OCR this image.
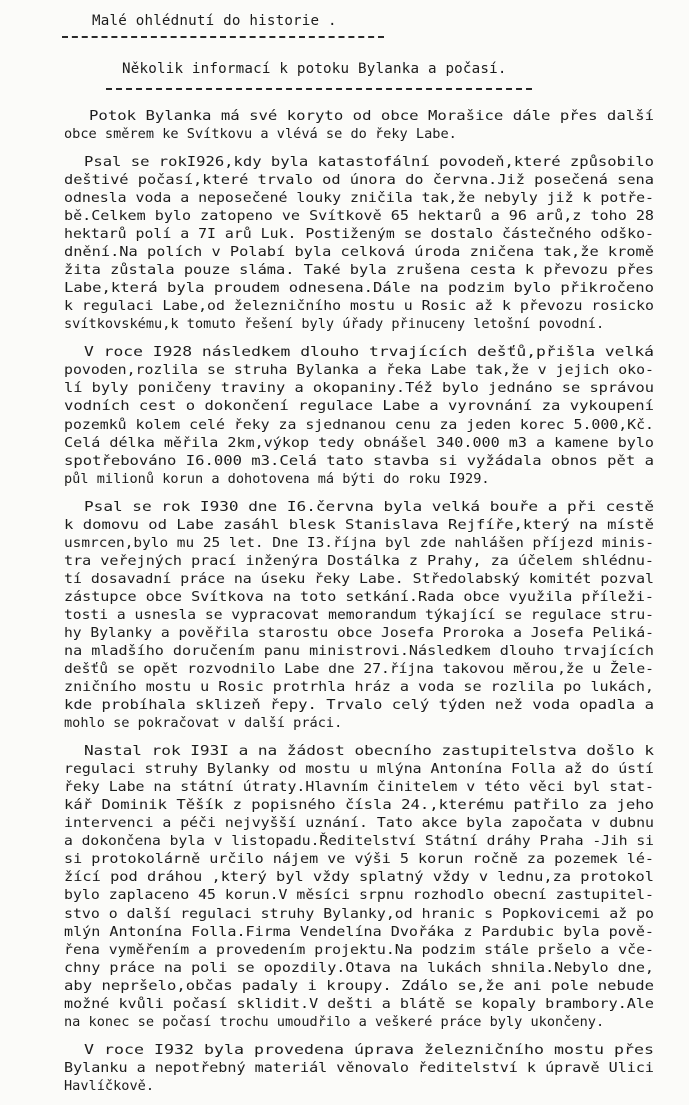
Malé ohlédnutí do historie .
Několik informací k potoku Bylanka a počasí.
Potok Bylanka má své koryto od obce Morašice dále přes další
obce směrem ke Svítkovu a vlévá se do řeky Labe.
Psal se rokI926,kdy byla katastofální povodeň,které způsobilo
deštivé počasí,které trvalo od února do června.Již posečená sena
odnesla voda a neposečené louky zničila tak,že nebyly již k potře-
bě.Celkem bylo zatopeno ve Svítkově 65 hektarů a 96 arů,z toho 28
hektarů polí a 7I arů Luk. Postiženým se dostalo částečného odško-
dnění.Na polích v Polabí byla celková úroda zničena tak,že kromě
žita zůstala pouze sláma. Také byla zrušena cesta k převozu přes
Labe,která byla proudem odnesena.Dále na podzim bylo přikročeno
k regulaci Labe,od železničního mostu u Rosic až k převozu rosicko
svítkovskému,k tomuto řešení byly úřady přinuceny letošní povodní.
V roce I928 následkem dlouho trvajících dešťů,přišla velká
povoden,rozlila se struha Bylanka a řeka Labe tak,že v jejich oko-
lí byly poničeny traviny a okopaniny.Též bylo jednáno se správou
vodních cest o dokončení regulace Labe a vyrovnání za vykoupení
pozemků kolem celé řeky za sjednanou cenu za jeden korec 5.000,Kč.
Celá délka měřila 2km,výkop tedy obnášel 340.000 m3 a kamene bylo
spotřebováno I6.000 m3.Celá tato stavba si vyžádala obnos pět a
půl milionů korun a dohotovena má býti do roku I929.
Psal se rok I930 dne I6.června byla velká bouře a při cestě
k domovu od Labe zasáhl blesk Stanislava Rejfíře,který na místě
usmrcen,bylo mu 25 let. Dne I3.října byl zde nahlášen příjezd minis-
tra veřejných prací inženýra Dostálka z Prahy, za účelem shlédnu-
tí dosavadní práce na úseku řeky Labe. Středolabský komitét pozval
zástupce obce Svítkova na toto setkání.Rada obce využila příleži-
tosti a usnesla se vypracovat memorandum týkající se regulace stru-
hy Bylanky a pověřila starostu obce Josefa Proroka a Josefa Peliká-
na mladšího doručením panu ministrovi.Následkem dlouho trvajících
dešťů se opět rozvodnilo Labe dne 27.října takovou měrou,že u Žele-
zničního mostu u Rosic protrhla hráz a voda se rozlila po lukách,
kde probíhala sklizeň řepy. Trvalo celý týden než voda opadla a
mohlo se pokračovat v další práci.
Nastal rok I93I a na žádost obecního zastupitelstva došlo k
regulaci struhy Bylanky od mostu u mlýna Antonína Folla až do ústí
řeky Labe na státní útraty.Hlavním činitelem v této věci byl stat-
kář Dominik Těšík z popisného čísla 24.,kterému patřilo za jeho
intervenci a péči nejvyšší uznání. Tato akce byla započata v dubnu
a dokončena byla v listopadu.Ředitelství Státní dráhy Praha -Jih si
si protokolárně určilo nájem ve výši 5 korun ročně za pozemek lé-
žící pod dráhou ,který byl vždy splatný vždy v lednu,za protokol
bylo zaplaceno 45 korun.V měsíci srpnu rozhodlo obecní zastupitel-
stvo o další regulaci struhy Bylanky,od hranic s Popkovicemi až po
mlýn Antonína Folla.Firma Vendelína Dvořáka z Pardubic byla pově-
řena vyměřením a provedením projektu.Na podzim stále pršelo a vče-
chny práce na poli se opozdily.Otava na lukách shnila.Nebylo dne,
aby nepršelo,občas padaly i kroupy. Zdálo se,že ani pole nebude
možné kvůli počasí sklidit.V dešti a blátě se kopaly brambory.Ale
na konec se počasí trochu umoudřilo a veškeré práce byly ukončeny.
V roce I932 byla provedena úprava železničního mostu přes
Bylanku a nepotřebný materiál věnovalo ředitelství k úpravě Ulici
Havlíčkově.
